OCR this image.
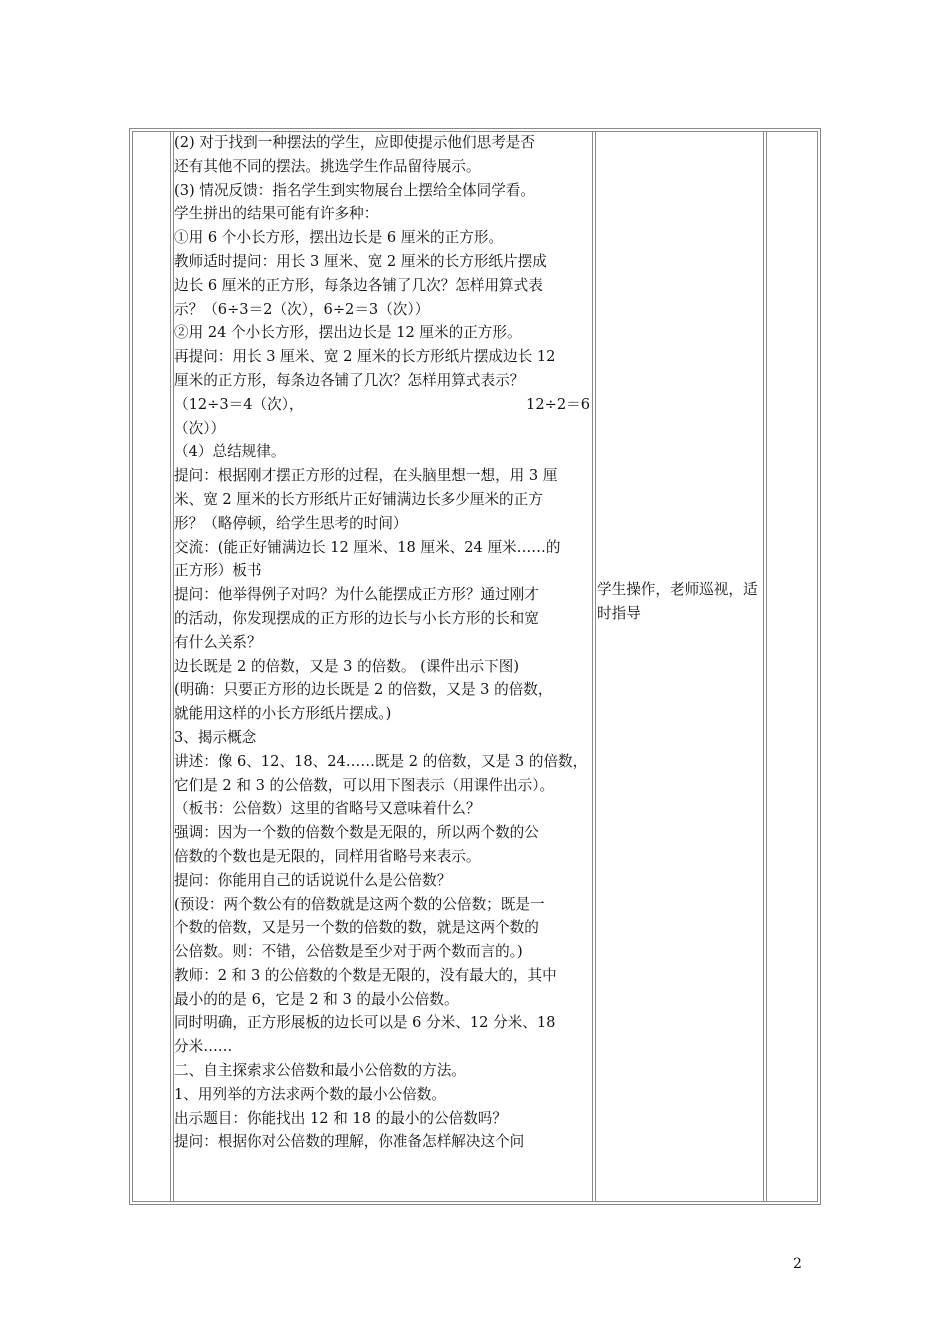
(2) 对于找到一种摆法的学生，应即使提示他们思考是否
还有其他不同的摆法。挑选学生作品留待展示。
(3) 情况反馈：指名学生到实物展台上摆给全体同学看。
学生拼出的结果可能有许多种：
①用 6 个小长方形，摆出边长是 6 厘米的正方形。
教师适时提问：用长 3 厘米、宽 2 厘米的长方形纸片摆成
边长 6 厘米的正方形，每条边各铺了几次？怎样用算式表
示？（6÷3＝2（次），6÷2＝3（次））
②用 24 个小长方形，摆出边长是 12 厘米的正方形。
再提问：用长 3 厘米、宽 2 厘米的长方形纸片摆成边长 12
厘米的正方形，每条边各铺了几次？怎样用算式表示？
（12÷3＝4（次），	12÷2＝6
（次））
（4）总结规律。
提问：根据刚才摆正方形的过程，在头脑里想一想，用 3 厘
米、宽 2 厘米的长方形纸片正好铺满边长多少厘米的正方
形？（略停顿，给学生思考的时间）
交流：(能正好铺满边长 12 厘米、18 厘米、24 厘米……的
正方形）板书
提问：他举得例子对吗？为什么能摆成正方形？通过刚才
的活动，你发现摆成的正方形的边长与小长方形的长和宽
有什么关系？
边长既是 2 的倍数，又是 3 的倍数。 (课件出示下图)
(明确：只要正方形的边长既是 2 的倍数，又是 3 的倍数，
就能用这样的小长方形纸片摆成。)
3、揭示概念
讲述：像 6、12、18、24……既是 2 的倍数，又是 3 的倍数，
它们是 2 和 3 的公倍数，可以用下图表示（用课件出示）。
（板书：公倍数）这里的省略号又意味着什么？
强调：因为一个数的倍数个数是无限的，所以两个数的公
倍数的个数也是无限的，同样用省略号来表示。
提问：你能用自己的话说说什么是公倍数？
(预设：两个数公有的倍数就是这两个数的公倍数；既是一
个数的倍数，又是另一个数的倍数的数，就是这两个数的
公倍数。则：不错，公倍数是至少对于两个数而言的。)
教师：2 和 3 的公倍数的个数是无限的，没有最大的，其中
最小的的是 6，它是 2 和 3 的最小公倍数。
同时明确，正方形展板的边长可以是 6 分米、12 分米、18
分米……
二、自主探索求公倍数和最小公倍数的方法。
1、用列举的方法求两个数的最小公倍数。
出示题目：你能找出 12 和 18 的最小的公倍数吗？
提问：根据你对公倍数的理解，你准备怎样解决这个问
学生操作，老师巡视，适
时指导
2
